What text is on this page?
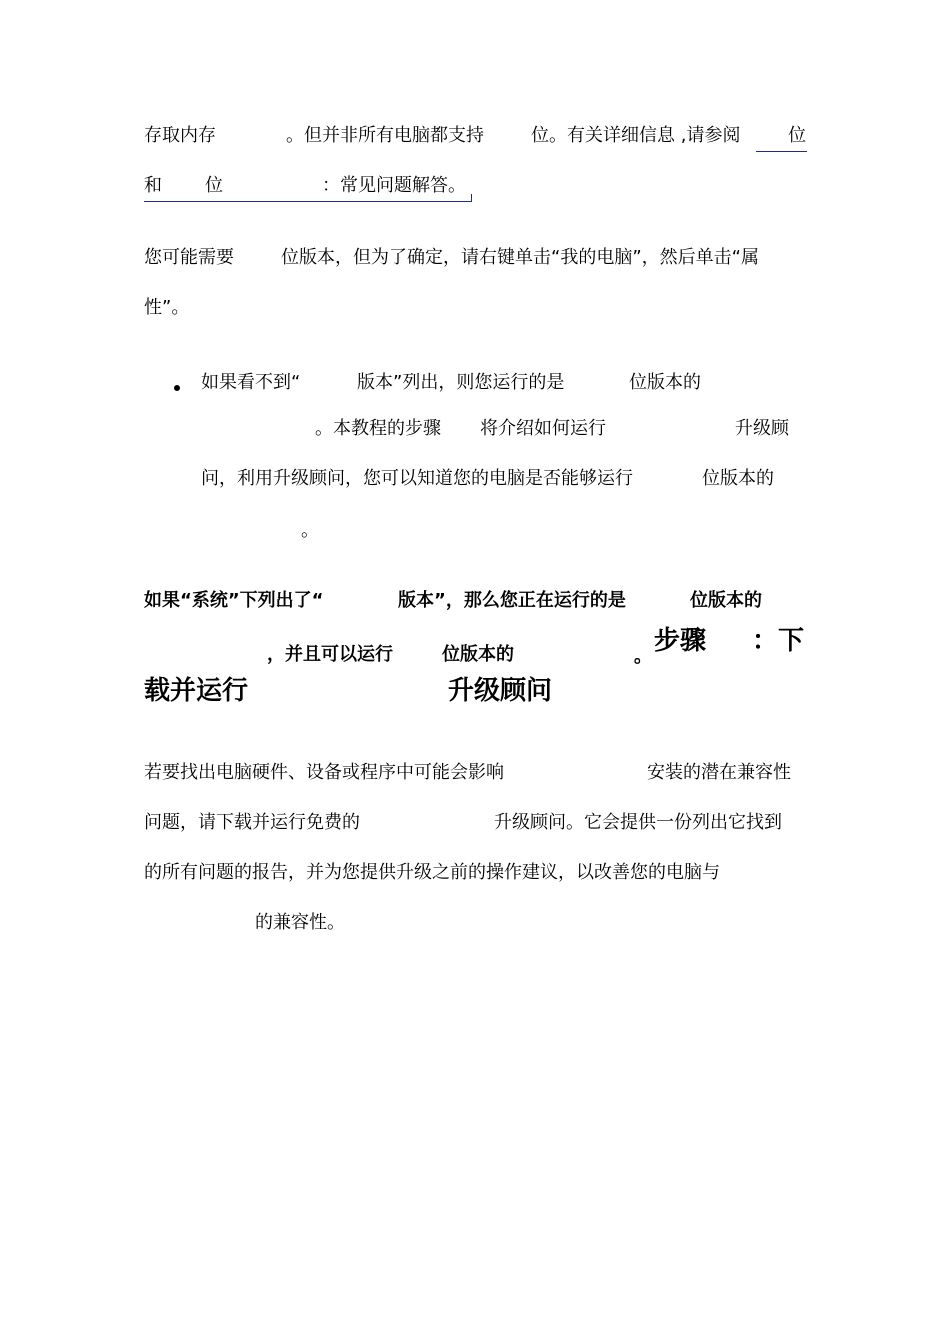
存取内存	。但并非所有电脑都支持	位。有关详细信息 ,请参阅	位
和 位	：常见问题解答。
您可能需要	位版本，但为了确定，请右键单击“我的电脑”，然后单击“属
性”。
如果看不到“	版本”列出，则您运行的是	位版本的
。本教程的步骤 将介绍如何运行	升级顾
问，利用升级顾问，您可以知道您的电脑是否能够运行	位版本的
。
如果“系统”下列出了“	版本”，那么您正在运行的是	位版本的
，并且可以运行	位版本的	。
步骤 ：下
载并运行	升级顾问
若要找出电脑硬件、设备或程序中可能会影响	安装的潜在兼容性
问题，请下载并运行免费的	升级顾问。它会提供一份列出它找到
的所有问题的报告，并为您提供升级之前的操作建议，以改善您的电脑与
的兼容性。
